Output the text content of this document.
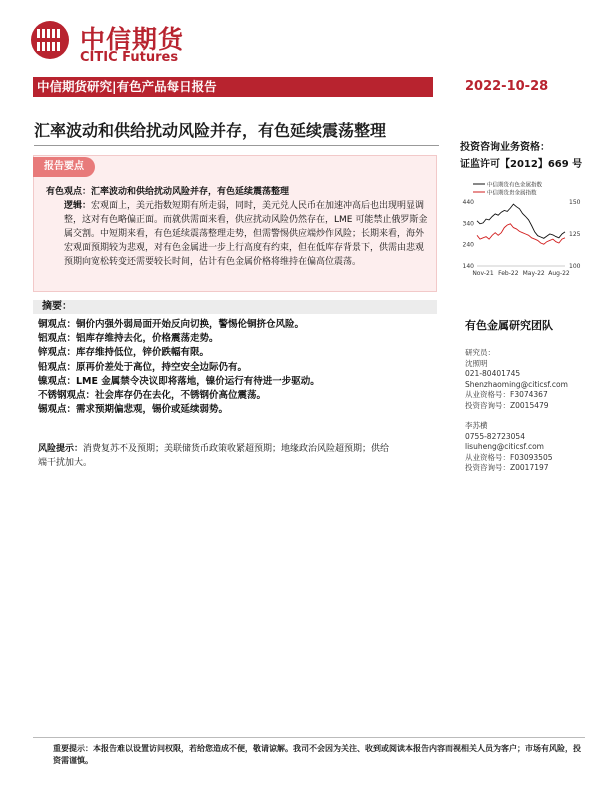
中信期货
CITIC Futures
中信期货研究|有色产品每日报告	2022-10-28
汇率波动和供给扰动风险并存，有色延续震荡整理
投资咨询业务资格：
证监许可【2012】669 号
报告要点
有色观点：汇率波动和供给扰动风险并存，有色延续震荡整理
逻辑：宏观面上，美元指数短期有所走弱，同时，美元兑人民币在加速冲高后也出现明显调整，这对有色略偏正面。而就供需面来看，供应扰动风险仍然存在，LME 可能禁止俄罗斯金属交割。中短期来看，有色延续震荡整理走势，但需警惕供应端炒作风险；长期来看，海外宏观面预期较为悲观，对有色金属进一步上行高度有约束，但在低库存背景下，供需由悲观预期向宽松转变还需要较长时间，估计有色金属价格将维持在偏高位震荡。
中信期货有色金属指数
中信期货贵金属指数
140
240
340
440
100
125
150
Nov-21 Feb-22 May-22 Aug-22
摘要：
铜观点：铜价内强外弱局面开始反向切换，警惕伦铜挤仓风险。
铝观点：铝库存维持去化，价格震荡走势。
锌观点：库存维持低位，锌价跌幅有限。
铅观点：原再价差处于高位，持空安全边际仍有。
镍观点：LME 金属禁令决议即将落地，镍价运行有待进一步驱动。
不锈钢观点：社会库存仍在去化，不锈钢价高位震荡。
锡观点：需求预期偏悲观，锡价或延续弱势。
有色金属研究团队
研究员：
沈照明
021-80401745
Shenzhaoming@citicsf.com
从业资格号：F3074367
投资咨询号：Z0015479
李苏横
0755-82723054
lisuheng@citicsf.com
从业资格号：F03093505
投资咨询号：Z0017197
风险提示：消费复苏不及预期；美联储货币政策收紧超预期；地缘政治风险超预期；供给端干扰加大。
重要提示：本报告难以设置访问权限，若给您造成不便，敬请谅解。我司不会因为关注、收到或阅读本报告内容而视相关人员为客户；市场有风险，投资需谨慎。
